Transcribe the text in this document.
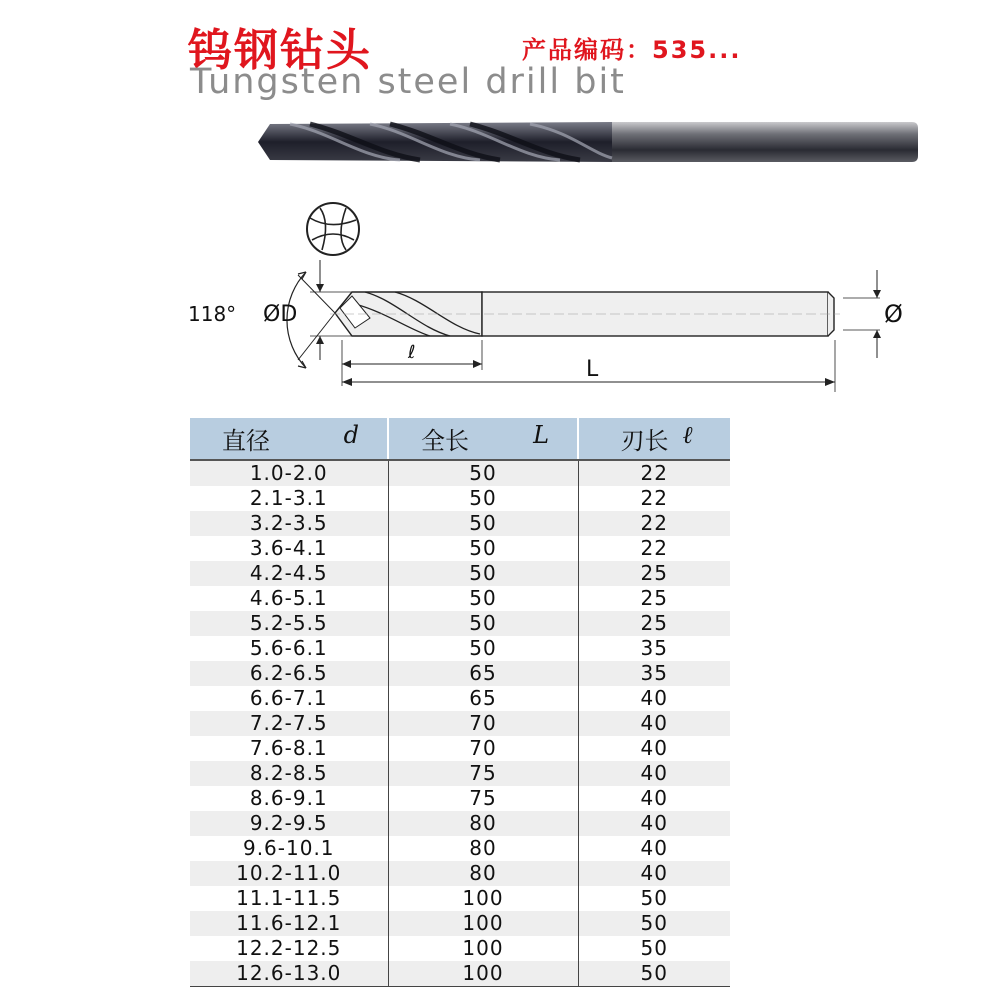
钨钢钻头	产品编码：535...
Tungsten steel drill bit
118° ØD	Ø
ℓ
L
直径 d	全长 L	刃长 ℓ

1.0-2.0	50	22
2.1-3.1	50	22
3.2-3.5	50	22
3.6-4.1	50	22
4.2-4.5	50	25
4.6-5.1	50	25
5.2-5.5	50	25
5.6-6.1	50	35
6.2-6.5	65	35
6.6-7.1	65	40
7.2-7.5	70	40
7.6-8.1	70	40
8.2-8.5	75	40
8.6-9.1	75	40
9.2-9.5	80	40
9.6-10.1	80	40
10.2-11.0	80	40
11.1-11.5	100	50
11.6-12.1	100	50
12.2-12.5	100	50
12.6-13.0	100	50
